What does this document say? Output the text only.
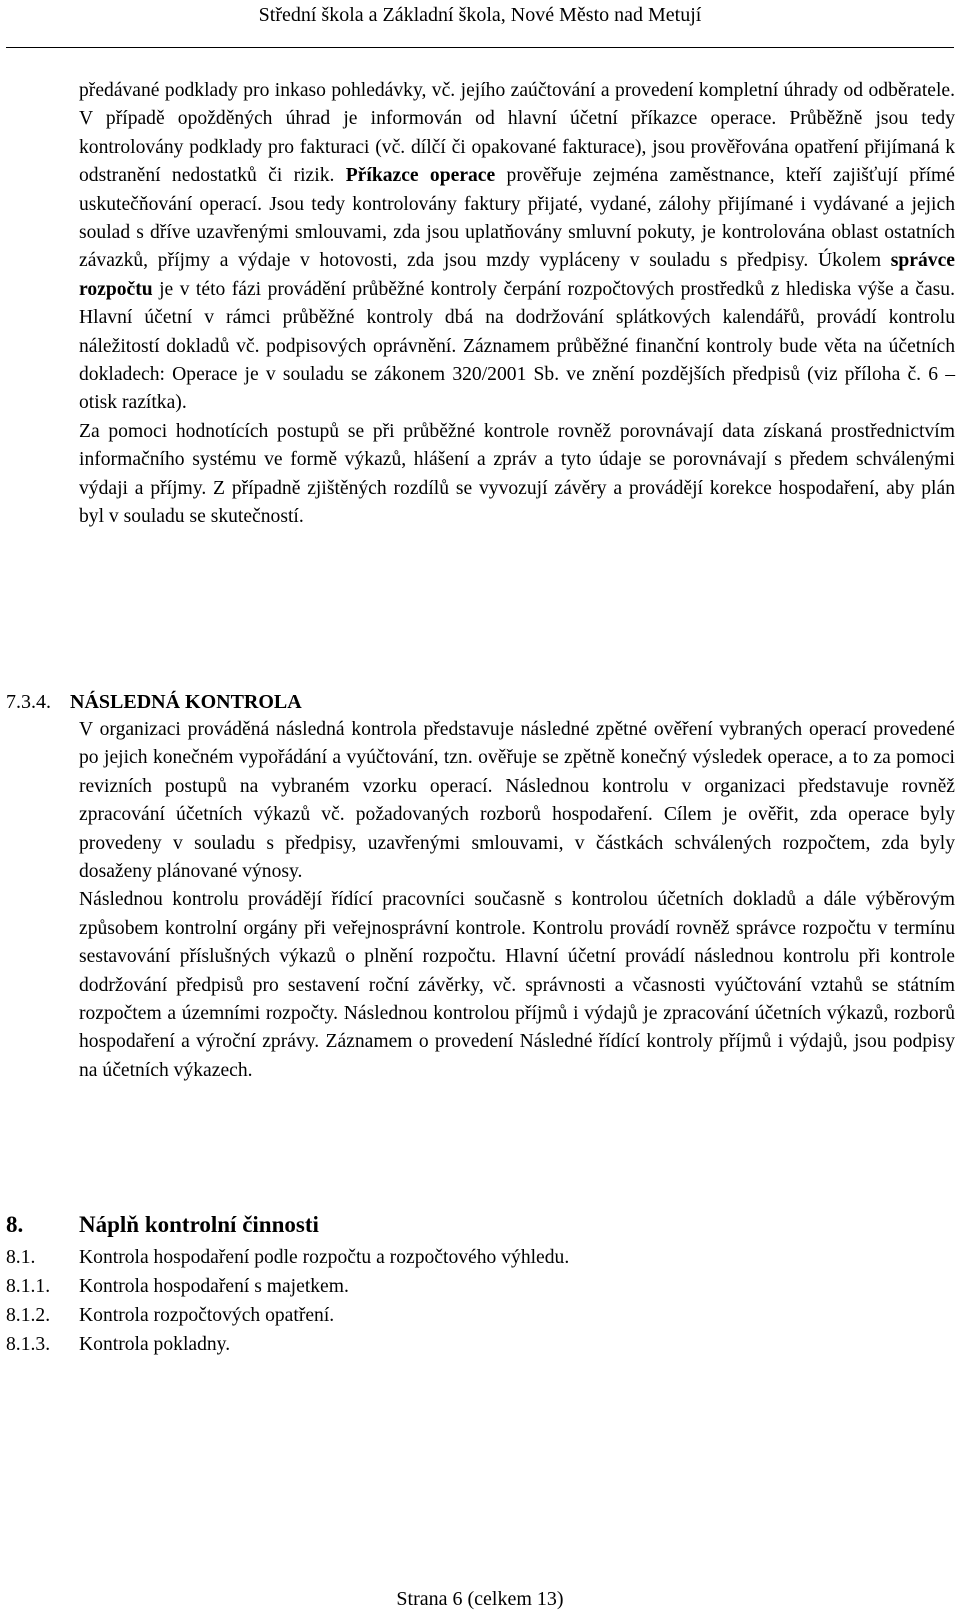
Střední škola a Základní škola, Nové Město nad Metují

předávané podklady pro inkaso pohledávky, vč. jejího zaúčtování a provedení kompletní úhrady od odběratele. V případě opožděných úhrad je informován od hlavní účetní příkazce operace. Průběžně jsou tedy kontrolovány podklady pro fakturaci (vč. dílčí či opakované fakturace), jsou prověřována opatření přijímaná k odstranění nedostatků či rizik. Příkazce operace prověřuje zejména zaměstnance, kteří zajišťují přímé uskutečňování operací. Jsou tedy kontrolovány faktury přijaté, vydané, zálohy přijímané i vydávané a jejich soulad s dříve uzavřenými smlouvami, zda jsou uplatňovány smluvní pokuty, je kontrolována oblast ostatních závazků, příjmy a výdaje v hotovosti, zda jsou mzdy vypláceny v souladu s předpisy. Úkolem správce rozpočtu je v této fázi provádění průběžné kontroly čerpání rozpočtových prostředků z hlediska výše a času. Hlavní účetní v rámci průběžné kontroly dbá na dodržování splátkových kalendářů, provádí kontrolu náležitostí dokladů vč. podpisových oprávnění. Záznamem průběžné finanční kontroly bude věta na účetních dokladech: Operace je v souladu se zákonem 320/2001 Sb. ve znění pozdějších předpisů (viz příloha č. 6 – otisk razítka).

Za pomoci hodnotících postupů se při průběžné kontrole rovněž porovnávají data získaná prostřednictvím informačního systému ve formě výkazů, hlášení a zpráv a tyto údaje se porovnávají s předem schválenými výdaji a příjmy. Z případně zjištěných rozdílů se vyvozují závěry a provádějí korekce hospodaření, aby plán byl v souladu se skutečností.

7.3.4. NÁSLEDNÁ KONTROLA

V organizaci prováděná následná kontrola představuje následné zpětné ověření vybraných operací provedené po jejich konečném vypořádání a vyúčtování, tzn. ověřuje se zpětně konečný výsledek operace, a to za pomoci revizních postupů na vybraném vzorku operací. Následnou kontrolu v organizaci představuje rovněž zpracování účetních výkazů vč. požadovaných rozborů hospodaření. Cílem je ověřit, zda operace byly provedeny v souladu s předpisy, uzavřenými smlouvami, v částkách schválených rozpočtem, zda byly dosaženy plánované výnosy.

Následnou kontrolu provádějí řídící pracovníci současně s kontrolou účetních dokladů a dále výběrovým způsobem kontrolní orgány při veřejnosprávní kontrole. Kontrolu provádí rovněž správce rozpočtu v termínu sestavování příslušných výkazů o plnění rozpočtu. Hlavní účetní provádí následnou kontrolu při kontrole dodržování předpisů pro sestavení roční závěrky, vč. správnosti a včasnosti vyúčtování vztahů se státním rozpočtem a územními rozpočty. Následnou kontrolou příjmů i výdajů je zpracování účetních výkazů, rozborů hospodaření a výroční zprávy. Záznamem o provedení Následné řídící kontroly příjmů i výdajů, jsou podpisy na účetních výkazech.

8. Náplň kontrolní činnosti
8.1.	Kontrola hospodaření podle rozpočtu a rozpočtového výhledu.
8.1.1.	Kontrola hospodaření s majetkem.
8.1.2.	Kontrola rozpočtových opatření.
8.1.3.	Kontrola pokladny.
Strana 6 (celkem 13)
